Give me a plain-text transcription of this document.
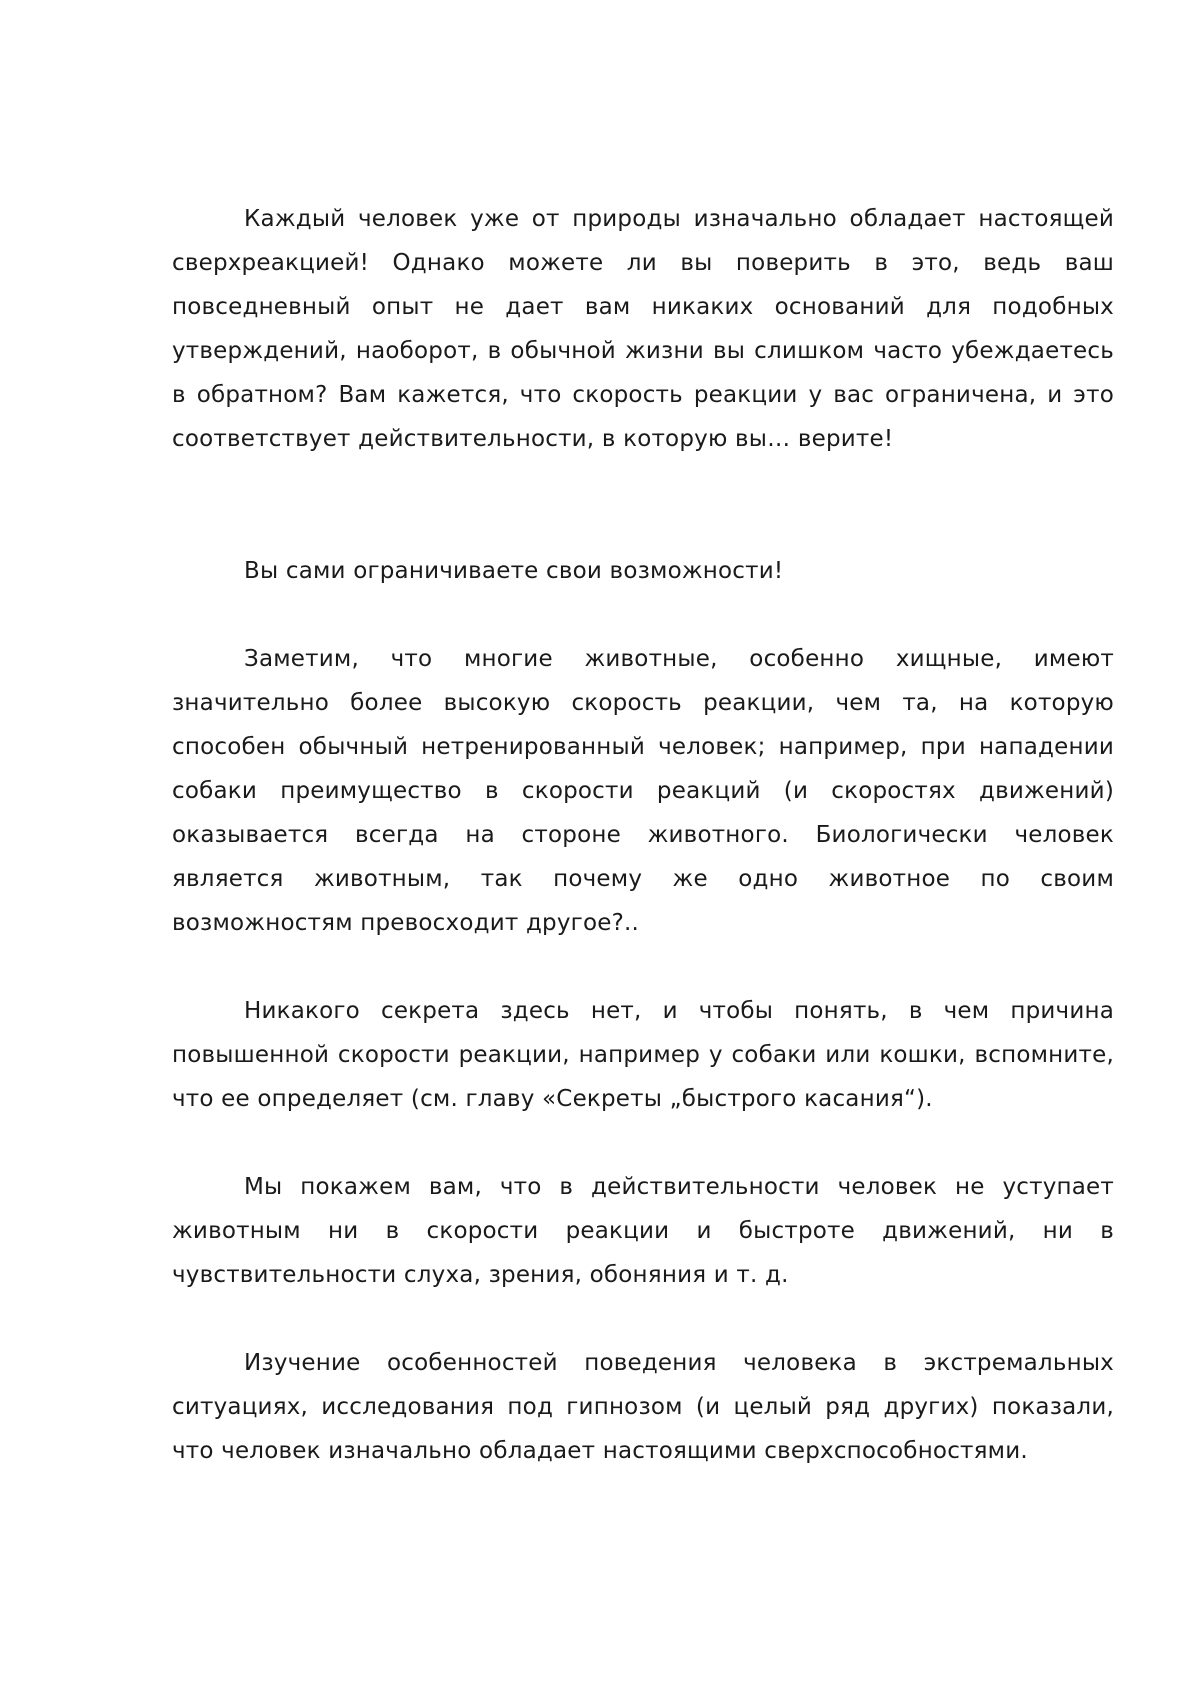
Каждый человек уже от природы изначально обладает настоящей сверхреакцией! Однако можете ли вы поверить в это, ведь ваш повседневный опыт не дает вам никаких оснований для подобных утверждений, наоборот, в обычной жизни вы слишком часто убеждаетесь в обратном? Вам кажется, что скорость реакции у вас ограничена, и это соответствует действительности, в которую вы… верите!

Вы сами ограничиваете свои возможности!

Заметим, что многие животные, особенно хищные, имеют значительно более высокую скорость реакции, чем та, на которую способен обычный нетренированный человек; например, при нападении собаки преимущество в скорости реакций (и скоростях движений) оказывается всегда на стороне животного. Биологически человек является животным, так почему же одно животное по своим возможностям превосходит другое?..

Никакого секрета здесь нет, и чтобы понять, в чем причина повышенной скорости реакции, например у собаки или кошки, вспомните, что ее определяет (см. главу «Секреты „быстрого касания“).

Мы покажем вам, что в действительности человек не уступает животным ни в скорости реакции и быстроте движений, ни в чувствительности слуха, зрения, обоняния и т. д.

Изучение особенностей поведения человека в экстремальных ситуациях, исследования под гипнозом (и целый ряд других) показали, что человек изначально обладает настоящими сверхспособностями.
